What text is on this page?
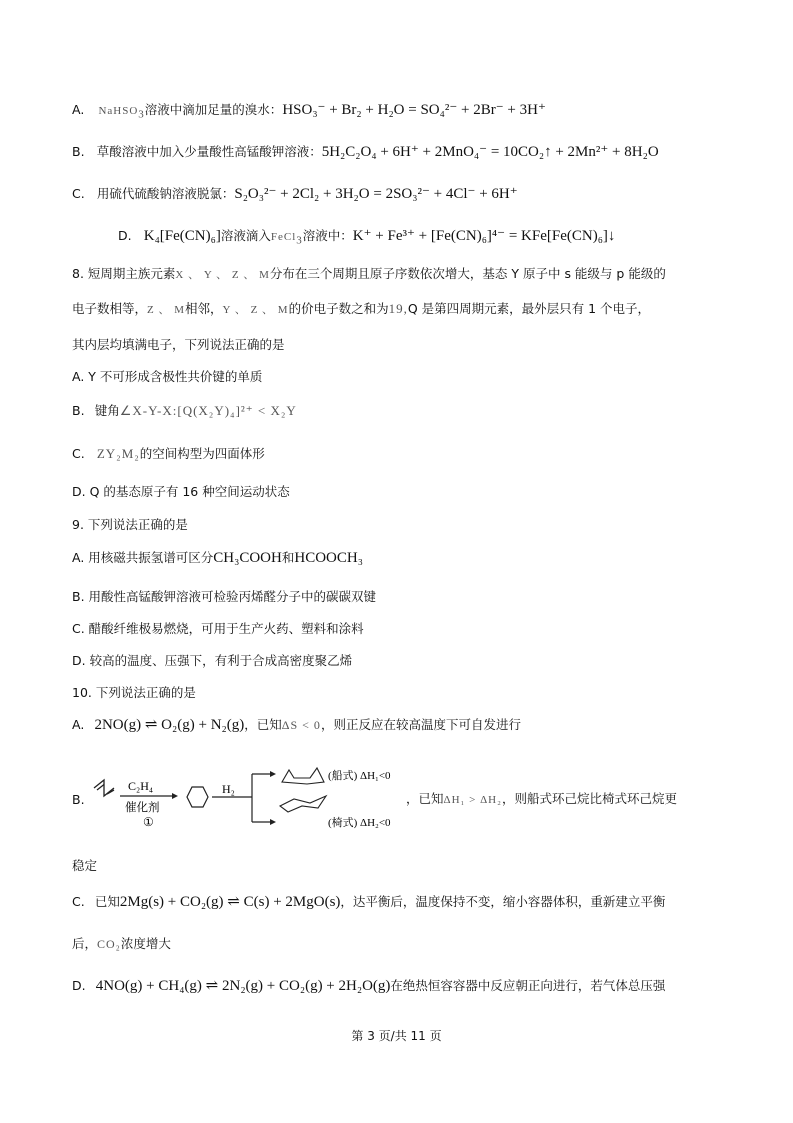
A. NaHSO$_3$溶液中滴加足量的溴水：HSO₃⁻ + Br₂ + H₂O = SO₄²⁻ + 2Br⁻ + 3H⁺
B. 草酸溶液中加入少量酸性高锰酸钾溶液：5H₂C₂O₄ + 6H⁺ + 2MnO₄⁻ = 10CO₂↑ + 2Mn²⁺ + 8H₂O
C. 用硫代硫酸钠溶液脱氯：S₂O₃²⁻ + 2Cl₂ + 3H₂O = 2SO₃²⁻ + 4Cl⁻ + 6H⁺
D. K₄[Fe(CN)₆]溶液滴入FeCl$_3$溶液中：K⁺ + Fe³⁺ + [Fe(CN)₆]⁴⁻ = KFe[Fe(CN)₆]↓
8. 短周期主族元素X 、 Y 、 Z 、 M分布在三个周期且原子序数依次增大，基态 Y 原子中 s 能级与 p 能级的
电子数相等，Z 、 M相邻，Y 、 Z 、 M的价电子数之和为19,Q 是第四周期元素，最外层只有 1 个电子，
其内层均填满电子，下列说法正确的是
A. Y 不可形成含极性共价键的单质
B. 键角∠X-Y-X:[Q(X₂Y)₄]²⁺ < X₂Y
C. ZY₂M₂的空间构型为四面体形
D. Q 的基态原子有 16 种空间运动状态
9. 下列说法正确的是
A. 用核磁共振氢谱可区分CH₃COOH和HCOOCH₃
B. 用酸性高锰酸钾溶液可检验丙烯醛分子中的碳碳双键
C. 醋酸纤维极易燃烧，可用于生产火药、塑料和涂料
D. 较高的温度、压强下，有利于合成高密度聚乙烯
10. 下列说法正确的是
A. 2NO(g) ⇌ O₂(g) + N₂(g)，已知ΔS < 0，则正反应在较高温度下可自发进行
B.
C₂H₄
催化剂
①
H₂
(船式) ΔH₁<0
(椅式) ΔH₂<0
，已知ΔH₁ > ΔH₂，则船式环己烷比椅式环己烷更
稳定
C. 已知2Mg(s) + CO₂(g) ⇌ C(s) + 2MgO(s)，达平衡后，温度保持不变，缩小容器体积，重新建立平衡
后，CO₂浓度增大
D. 4NO(g) + CH₄(g) ⇌ 2N₂(g) + CO₂(g) + 2H₂O(g)在绝热恒容容器中反应朝正向进行，若气体总压强
第 3 页/共 11 页
